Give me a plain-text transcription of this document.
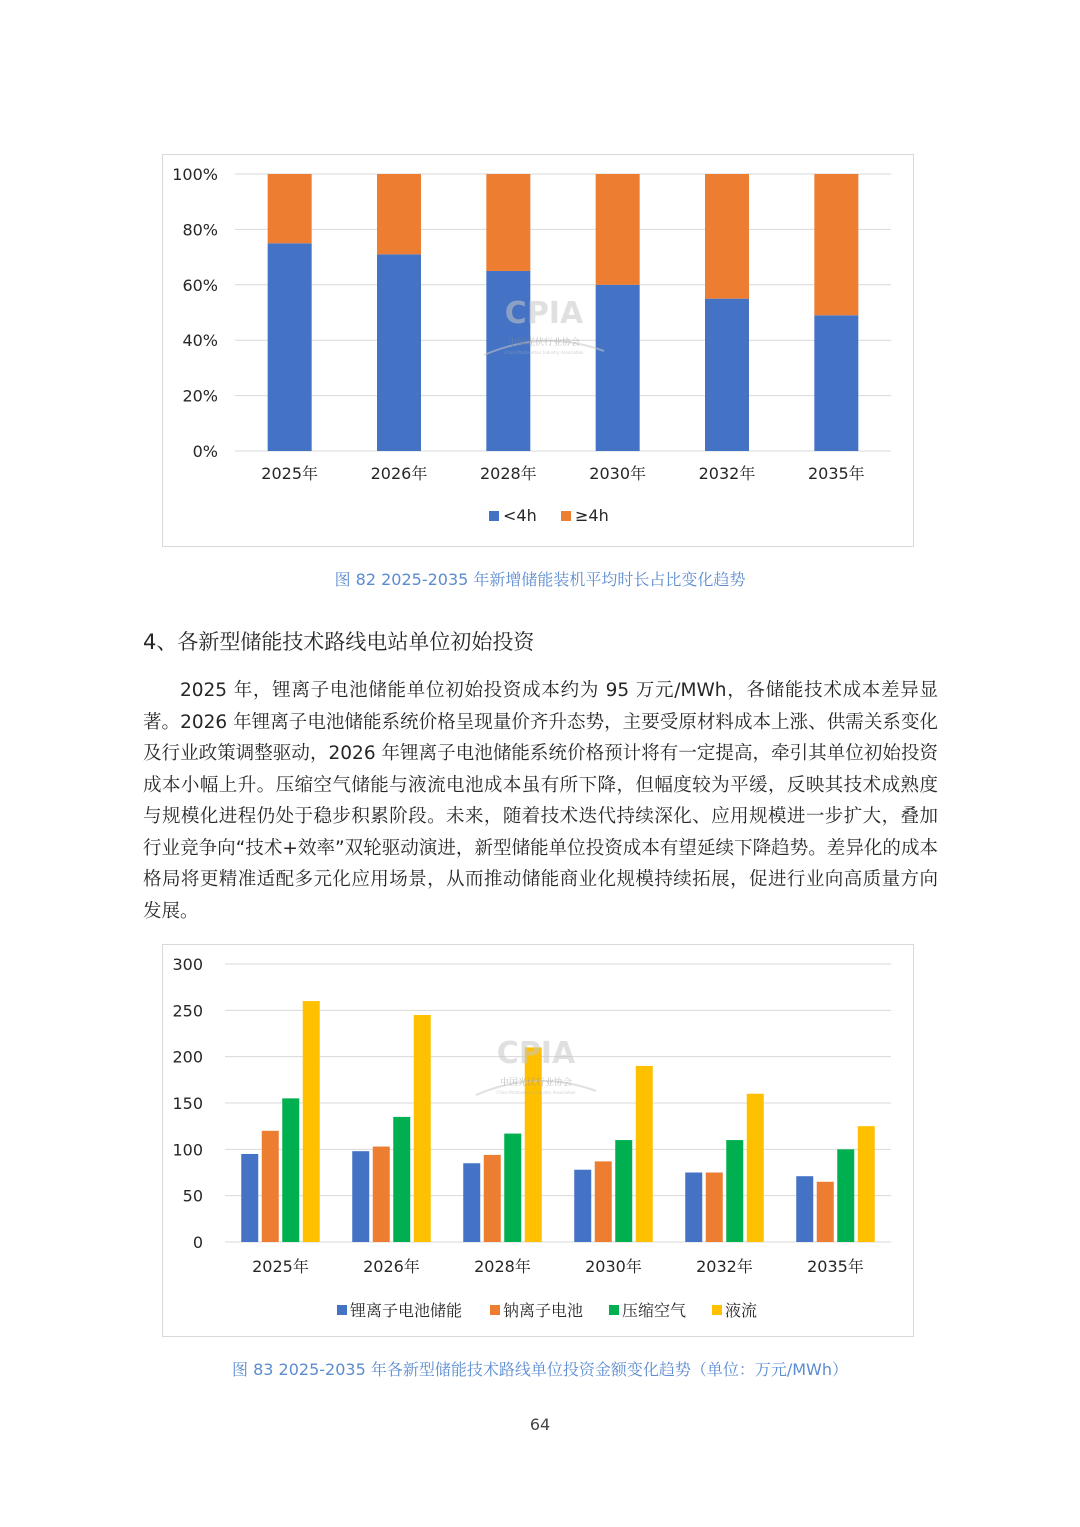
0%
20%
40%
60%
80%
100%
2025年	2026年	2028年	2030年	2032年	2035年
<4h ≥4h
CPIA
中国光伏行业协会
China Photovoltaic Industry Association
图 82 2025-2035 年新增储能装机平均时长占比变化趋势
4、各新型储能技术路线电站单位初始投资

2025 年，锂离子电池储能单位初始投资成本约为 95 万元/MWh，各储能技术成本差异显著。2026 年锂离子电池储能系统价格呈现量价齐升态势，主要受原材料成本上涨、供需关系变化及行业政策调整驱动，2026 年锂离子电池储能系统价格预计将有一定提高，牵引其单位初始投资成本小幅上升。压缩空气储能与液流电池成本虽有所下降，但幅度较为平缓，反映其技术成熟度与规模化进程仍处于稳步积累阶段。未来，随着技术迭代持续深化、应用规模进一步扩大，叠加行业竞争向“技术+效率”双轮驱动演进，新型储能单位投资成本有望延续下降趋势。差异化的成本格局将更精准适配多元化应用场景，从而推动储能商业化规模持续拓展，促进行业向高质量方向发展。

0
50
100
150
200
250
300
2025年	2026年	2028年	2030年	2032年	2035年
锂离子电池储能	钠离子电池 压缩空气 液流
CPIA
中国光伏行业协会
China Photovoltaic Industry Association
图 83 2025-2035 年各新型储能技术路线单位投资金额变化趋势（单位：万元/MWh）
64
